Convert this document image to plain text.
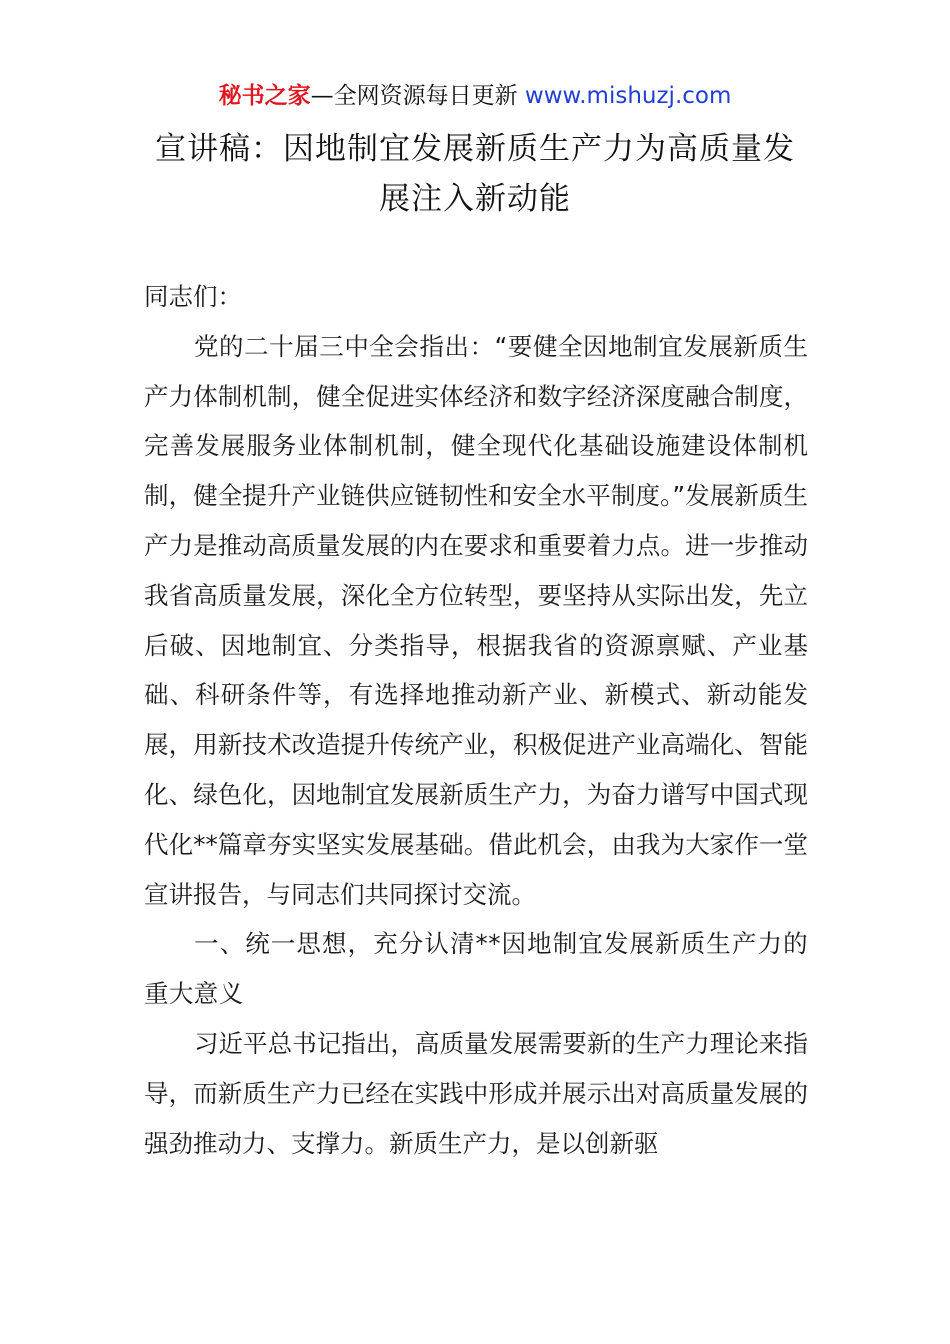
秘书之家—全网资源每日更新 www.mishuzj.com
宣讲稿：因地制宜发展新质生产力为高质量发
展注入新动能

同志们：

党的二十届三中全会指出：“要健全因地制宜发展新质生产力体制机制，健全促进实体经济和数字经济深度融合制度，完善发展服务业体制机制，健全现代化基础设施建设体制机制，健全提升产业链供应链韧性和安全水平制度。”发展新质生产力是推动高质量发展的内在要求和重要着力点。进一步推动我省高质量发展，深化全方位转型，要坚持从实际出发，先立后破、因地制宜、分类指导，根据我省的资源禀赋、产业基础、科研条件等，有选择地推动新产业、新模式、新动能发展，用新技术改造提升传统产业，积极促进产业高端化、智能化、绿色化，因地制宜发展新质生产力，为奋力谱写中国式现代化**篇章夯实坚实发展基础。借此机会，由我为大家作一堂宣讲报告，与同志们共同探讨交流。

一、统一思想，充分认清**因地制宜发展新质生产力的重大意义

习近平总书记指出，高质量发展需要新的生产力理论来指导，而新质生产力已经在实践中形成并展示出对高质量发展的强劲推动力、支撑力。新质生产力，是以创新驱
